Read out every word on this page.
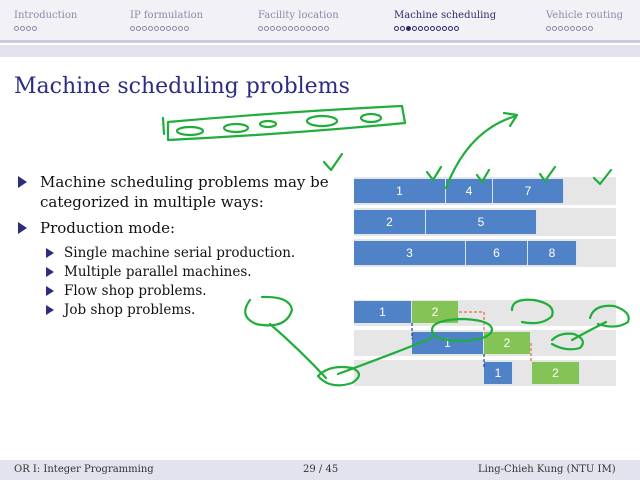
Introduction	IP formulation	Facility location	Machine scheduling	Vehicle routing
Machine scheduling problems
Machine scheduling problems may be categorized in multiple ways:
Production mode:
Single machine serial production.
Multiple parallel machines.
Flow shop problems.
Job shop problems.
1	4	7
2	5
3	6	8
1	2
1	2
1	2
OR I: Integer Programming	29 / 45	Ling-Chieh Kung (NTU IM)
